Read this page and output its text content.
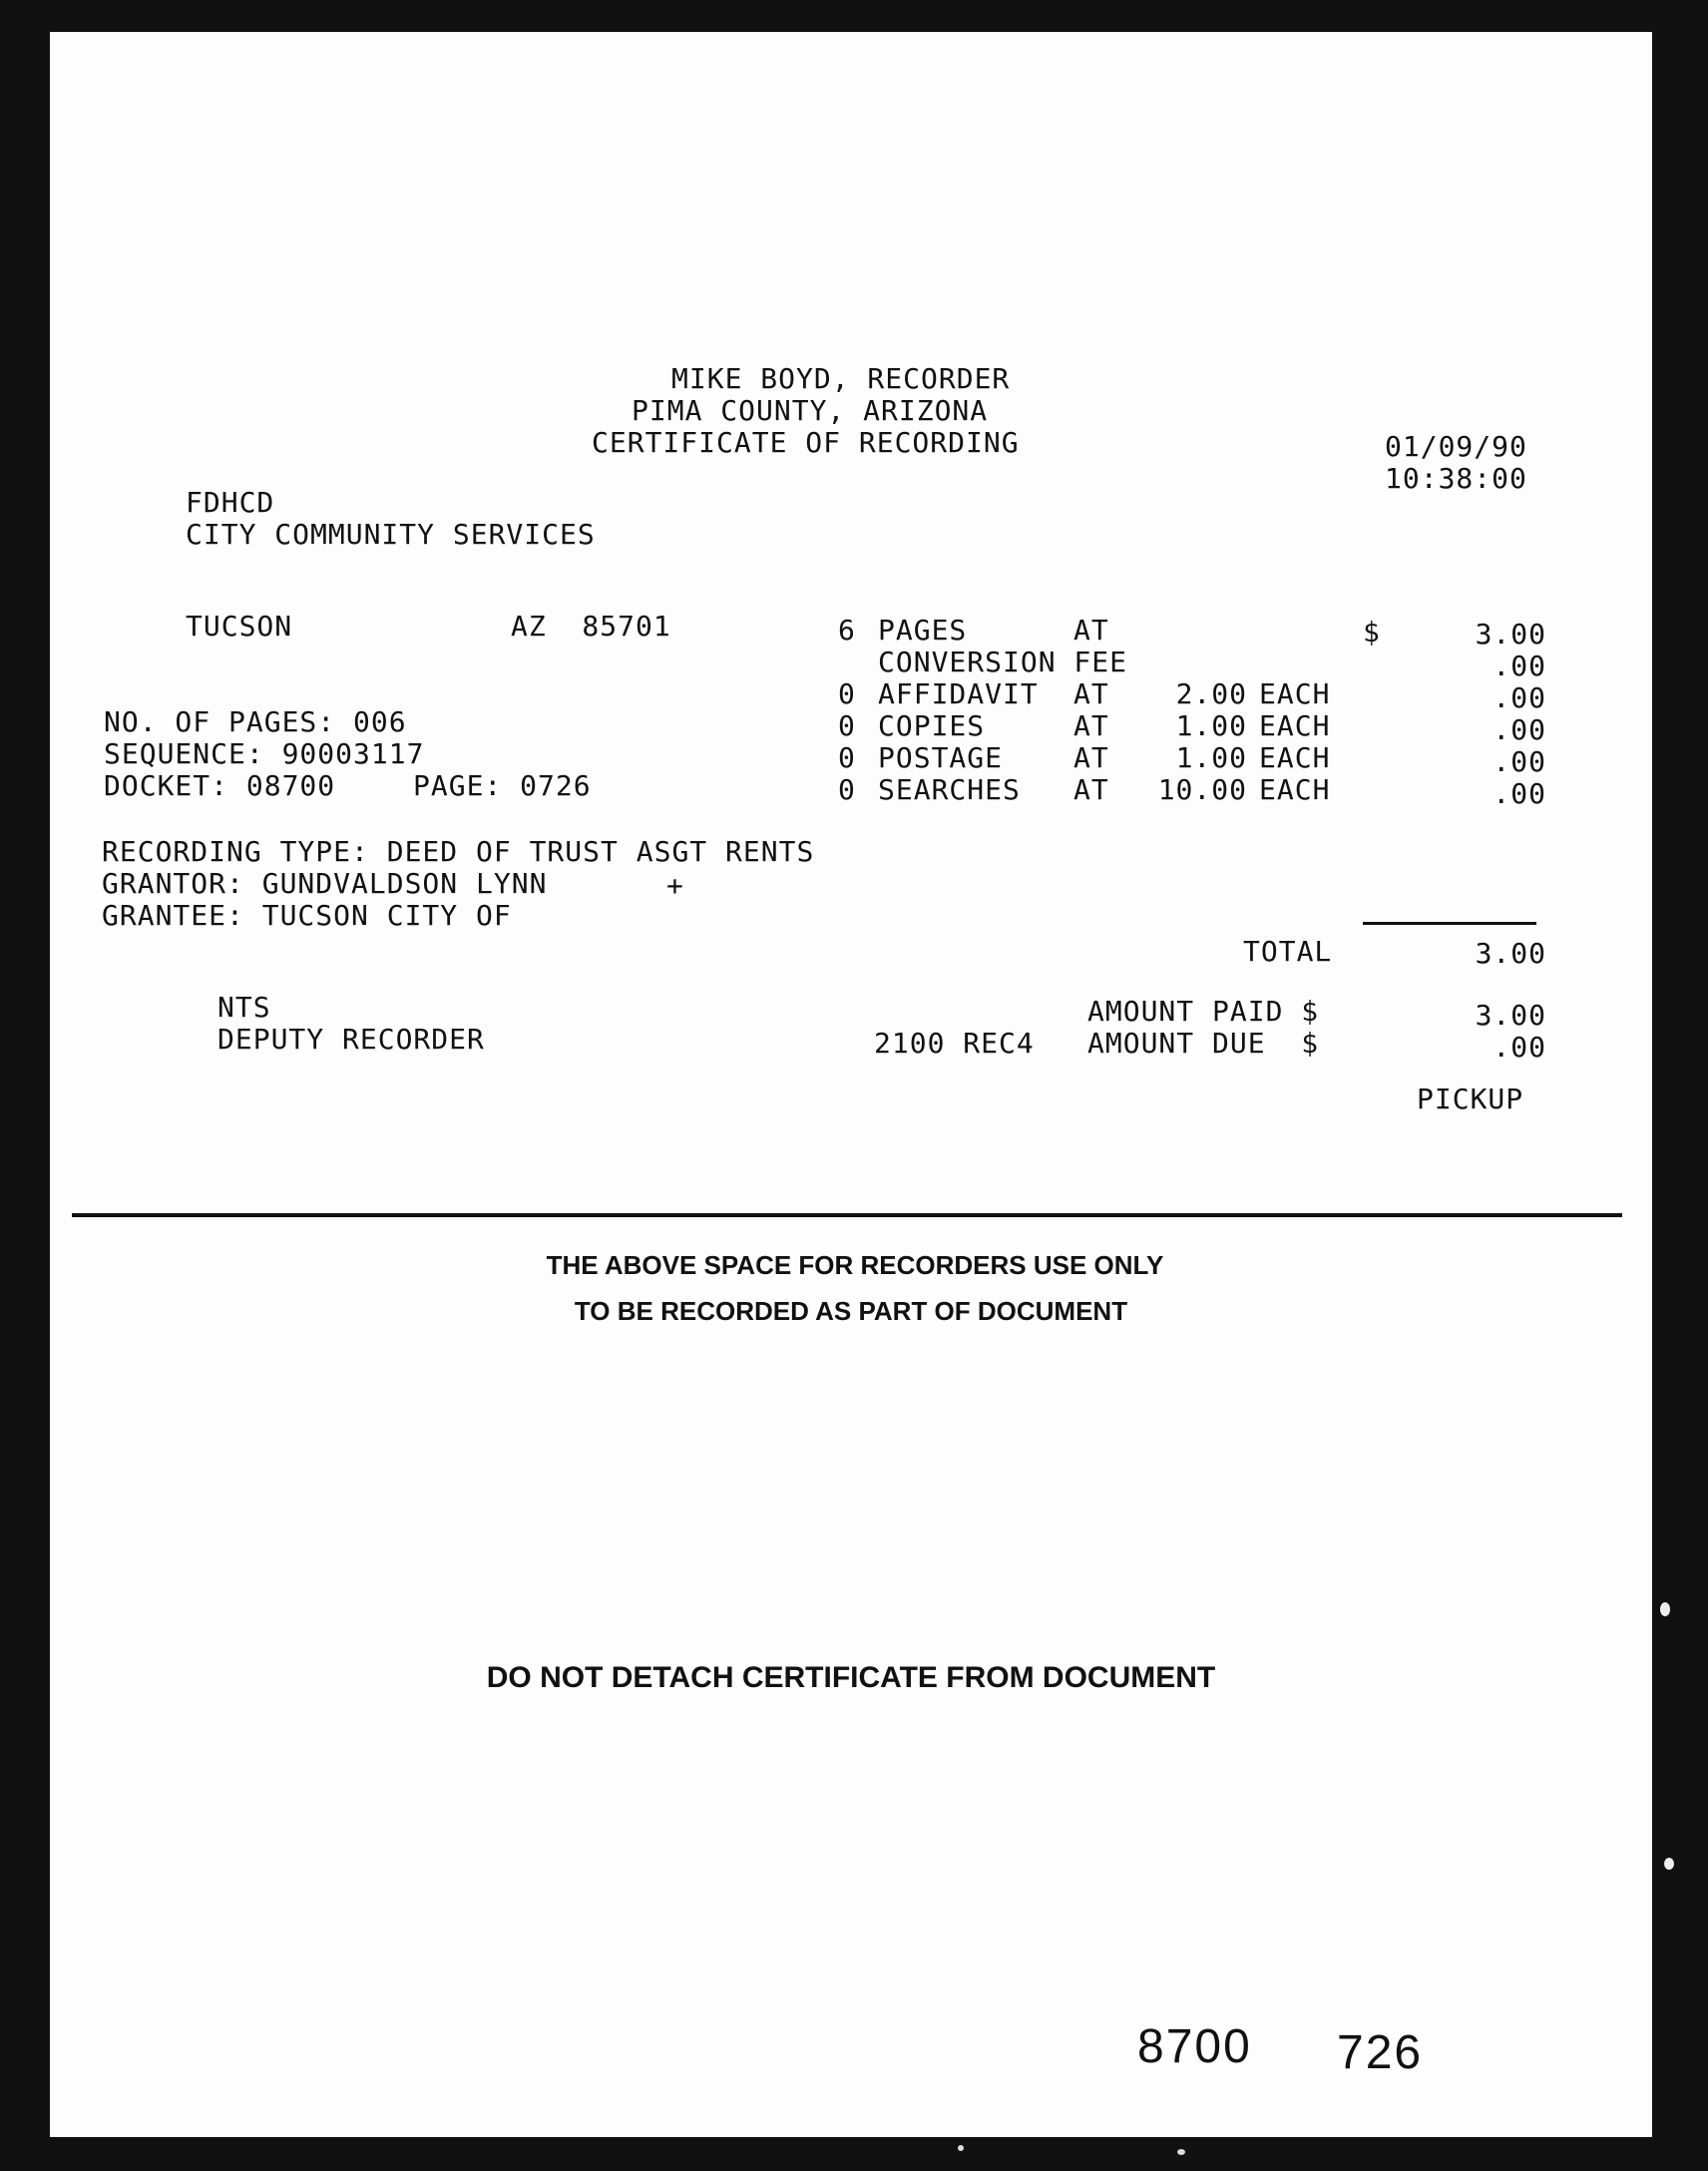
MIKE BOYD, RECORDER
PIMA COUNTY, ARIZONA
CERTIFICATE OF RECORDING	01/09/90
10:38:00
FDHCD
CITY COMMUNITY SERVICES
TUCSON	AZ  85701
NO. OF PAGES: 006
SEQUENCE: 90003117
DOCKET: 08700	PAGE: 0726
6 PAGES	AT	$	3.00
CONVERSION FEE	.00
0 AFFIDAVIT AT	2.00 EACH	.00
0 COPIES	AT	1.00 EACH	.00
0 POSTAGE	AT	1.00 EACH	.00
0 SEARCHES AT	10.00 EACH	.00
RECORDING TYPE: DEED OF TRUST ASGT RENTS
GRANTOR: GUNDVALDSON LYNN	+
GRANTEE: TUCSON CITY OF
TOTAL	3.00
NTS
DEPUTY RECORDER	2100 REC4
AMOUNT PAID $	3.00
AMOUNT DUE  $	.00
PICKUP
THE ABOVE SPACE FOR RECORDERS USE ONLY
TO BE RECORDED AS PART OF DOCUMENT
DO NOT DETACH CERTIFICATE FROM DOCUMENT
8700 726
